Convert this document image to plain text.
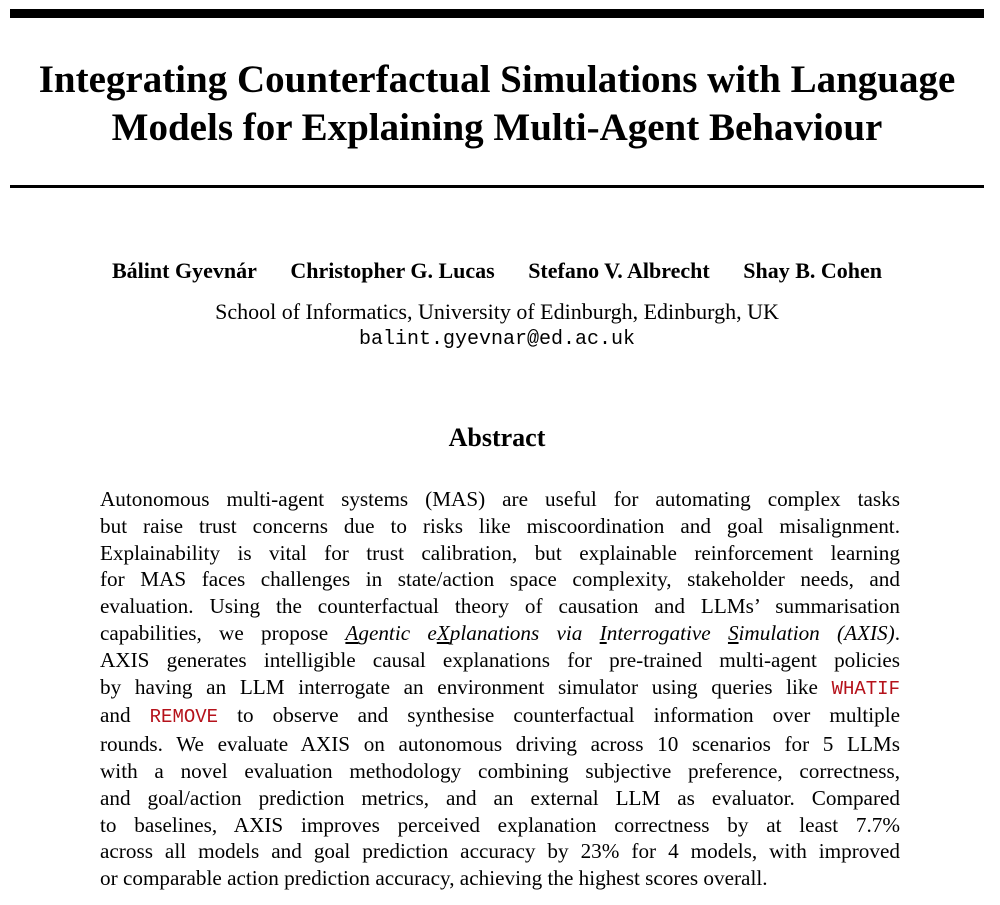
Integrating Counterfactual Simulations with Language
Models for Explaining Multi-Agent Behaviour
Bálint Gyevnár Christopher G. Lucas Stefano V. Albrecht Shay B. Cohen
School of Informatics, University of Edinburgh, Edinburgh, UK
balint.gyevnar@ed.ac.uk
Abstract
Autonomous multi-agent systems (MAS) are useful for automating complex tasks
but raise trust concerns due to risks like miscoordination and goal misalignment.
Explainability is vital for trust calibration, but explainable reinforcement learning
for MAS faces challenges in state/action space complexity, stakeholder needs, and
evaluation. Using the counterfactual theory of causation and LLMs’ summarisation
capabilities, we propose Agentic eXplanations via Interrogative Simulation (AXIS).
AXIS generates intelligible causal explanations for pre-trained multi-agent policies
by having an LLM interrogate an environment simulator using queries like WHATIF
and REMOVE to observe and synthesise counterfactual information over multiple
rounds. We evaluate AXIS on autonomous driving across 10 scenarios for 5 LLMs
with a novel evaluation methodology combining subjective preference, correctness,
and goal/action prediction metrics, and an external LLM as evaluator. Compared
to baselines, AXIS improves perceived explanation correctness by at least 7.7%
across all models and goal prediction accuracy by 23% for 4 models, with improved
or comparable action prediction accuracy, achieving the highest scores overall.
